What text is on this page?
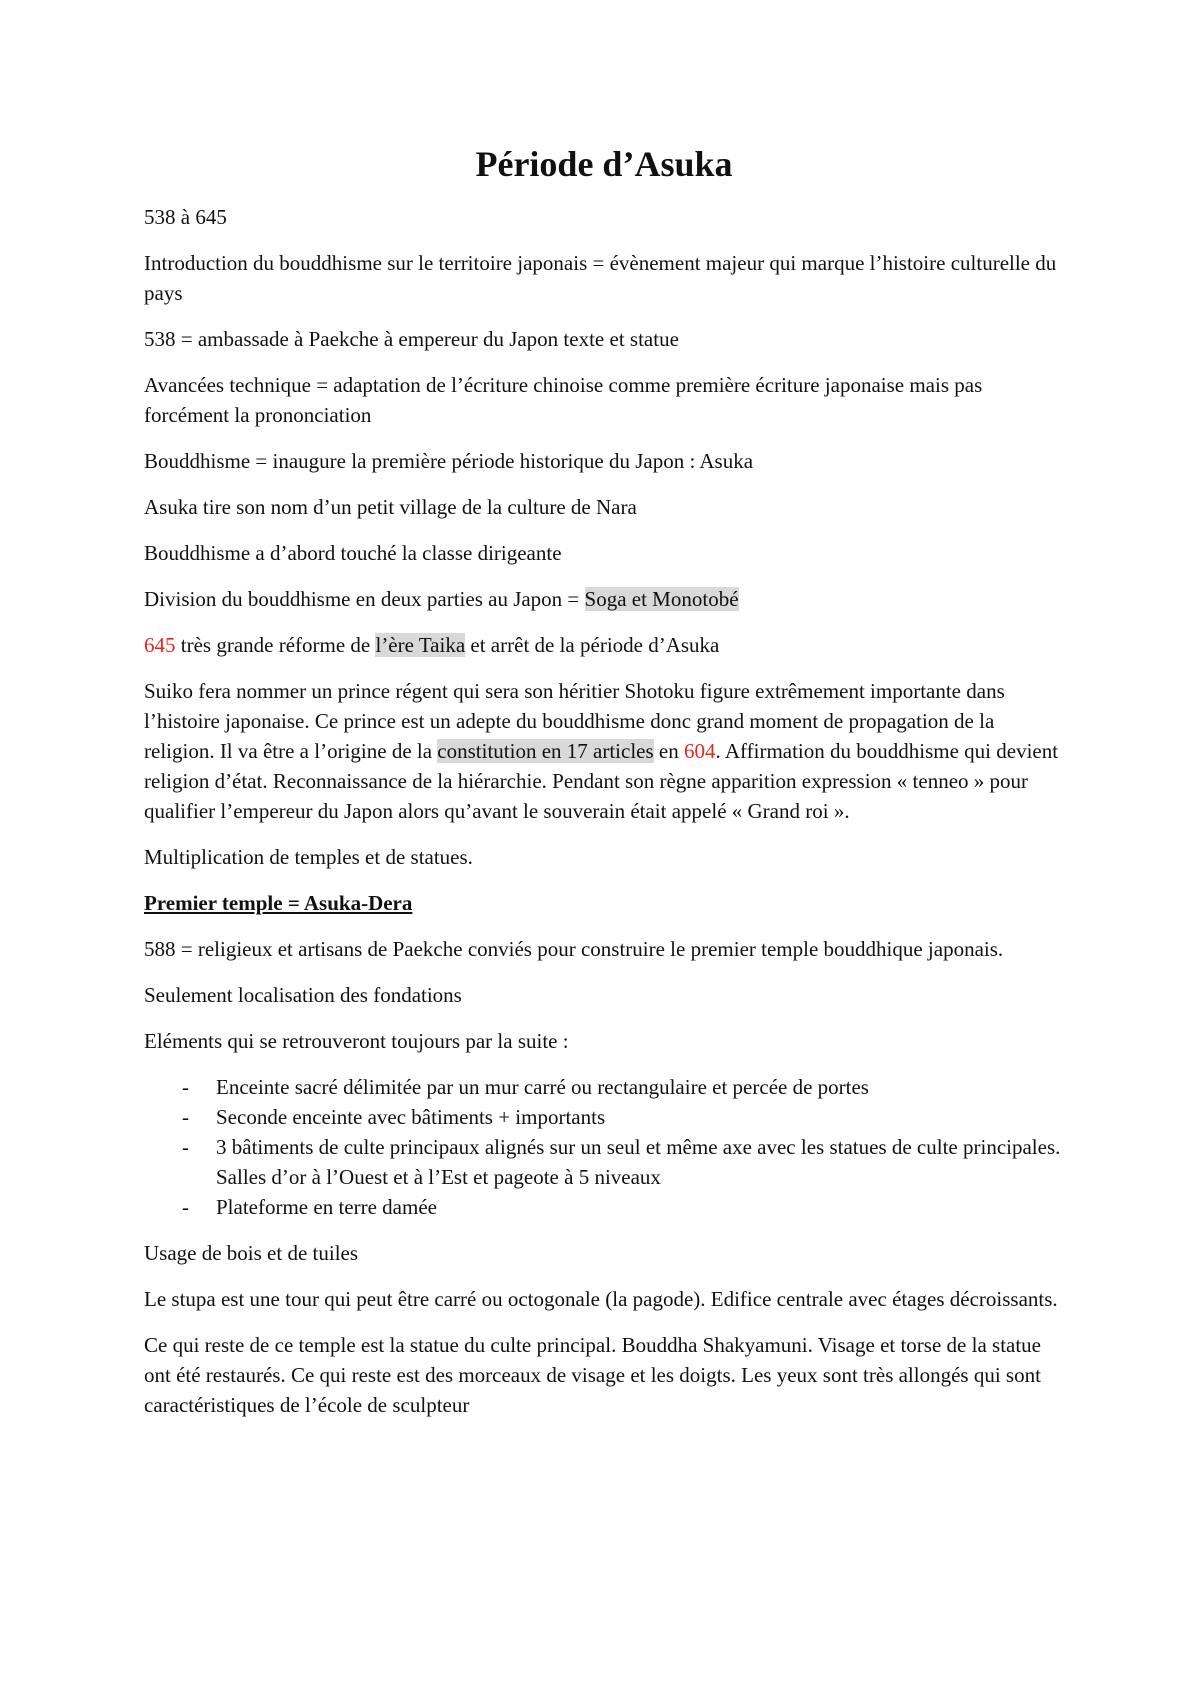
Période d’Asuka

538 à 645

Introduction du bouddhisme sur le territoire japonais = évènement majeur qui marque l’histoire culturelle du pays

538 = ambassade à Paekche à empereur du Japon texte et statue

Avancées technique = adaptation de l’écriture chinoise comme première écriture japonaise mais pas forcément la prononciation

Bouddhisme = inaugure la première période historique du Japon : Asuka

Asuka tire son nom d’un petit village de la culture de Nara

Bouddhisme a d’abord touché la classe dirigeante

Division du bouddhisme en deux parties au Japon = Soga et Monotobé

645 très grande réforme de l’ère Taika et arrêt de la période d’Asuka

Suiko fera nommer un prince régent qui sera son héritier Shotoku figure extrêmement importante dans l’histoire japonaise. Ce prince est un adepte du bouddhisme donc grand moment de propagation de la religion. Il va être a l’origine de la constitution en 17 articles en 604. Affirmation du bouddhisme qui devient religion d’état. Reconnaissance de la hiérarchie. Pendant son règne apparition expression « tenneo » pour qualifier l’empereur du Japon alors qu’avant le souverain était appelé « Grand roi ».

Multiplication de temples et de statues.

Premier temple = Asuka-Dera

588 = religieux et artisans de Paekche conviés pour construire le premier temple bouddhique japonais.

Seulement localisation des fondations

Eléments qui se retrouveront toujours par la suite :

- Enceinte sacré délimitée par un mur carré ou rectangulaire et percée de portes
- Seconde enceinte avec bâtiments + importants
- 3 bâtiments de culte principaux alignés sur un seul et même axe avec les statues de culte principales. Salles d’or à l’Ouest et à l’Est et pageote à 5 niveaux
- Plateforme en terre damée

Usage de bois et de tuiles

Le stupa est une tour qui peut être carré ou octogonale (la pagode). Edifice centrale avec étages décroissants.

Ce qui reste de ce temple est la statue du culte principal. Bouddha Shakyamuni. Visage et torse de la statue ont été restaurés. Ce qui reste est des morceaux de visage et les doigts. Les yeux sont très allongés qui sont caractéristiques de l’école de sculpteur
